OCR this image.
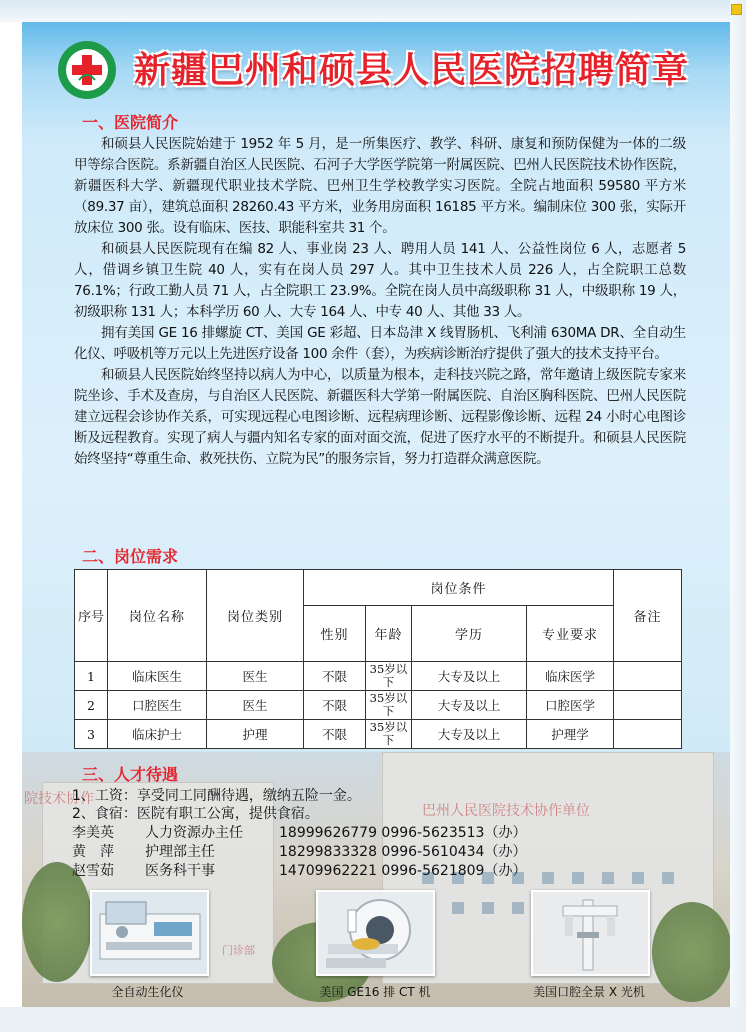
院技术协作
巴州人民医院技术协作单位
门诊部
新疆巴州和硕县人民医院招聘简章
一、医院简介

和硕县人民医院始建于 1952 年 5 月，是一所集医疗、教学、科研、康复和预防保健为一体的二级甲等综合医院。系新疆自治区人民医院、石河子大学医学院第一附属医院、巴州人民医院技术协作医院，新疆医科大学、新疆现代职业技术学院、巴州卫生学校教学实习医院。全院占地面积 59580 平方米（89.37 亩），建筑总面积 28260.43 平方米，业务用房面积 16185 平方米。编制床位 300 张，实际开放床位 300 张。设有临床、医技、职能科室共 31 个。

和硕县人民医院现有在编 82 人、事业岗 23 人、聘用人员 141 人、公益性岗位 6 人，志愿者 5 人，借调乡镇卫生院 40 人，实有在岗人员 297 人。其中卫生技术人员 226 人，占全院职工总数 76.1%；行政工勤人员 71 人，占全院职工 23.9%。全院在岗人员中高级职称 31 人，中级职称 19 人，初级职称 131 人；本科学历 60 人、大专 164 人、中专 40 人、其他 33 人。

拥有美国 GE 16 排螺旋 CT、美国 GE 彩超、日本岛津 X 线胃肠机、飞利浦 630MA DR、全自动生化仪、呼吸机等万元以上先进医疗设备 100 余件（套），为疾病诊断治疗提供了强大的技术支持平台。

和硕县人民医院始终坚持以病人为中心，以质量为根本，走科技兴院之路，常年邀请上级医院专家来院坐诊、手术及查房，与自治区人民医院、新疆医科大学第一附属医院、自治区胸科医院、巴州人民医院建立远程会诊协作关系，可实现远程心电图诊断、远程病理诊断、远程影像诊断、远程 24 小时心电图诊断及远程教育。实现了病人与疆内知名专家的面对面交流，促进了医疗水平的不断提升。和硕县人民医院始终坚持“尊重生命、救死扶伤、立院为民”的服务宗旨，努力打造群众满意医院。

二、岗位需求
序号	岗位名称	岗位类别	岗位条件				备注
			性别	年龄	学历	专业要求	
1	临床医生	医生	不限	35岁以下	大专及以上	临床医学	
2	口腔医生	医生	不限	35岁以下	大专及以上	口腔医学	
3	临床护士	护理	不限	35岁以下	大专及以上	护理学	
三、人才待遇
1、工资：享受同工同酬待遇，缴纳五险一金。
2、食宿：医院有职工公寓，提供食宿。
李美英	人力资源办主任	18999626779 0996-5623513（办）
黄　萍	护理部主任	18299833328 0996-5610434（办）
赵雪茹	医务科干事	14709962221 0996-5621809（办）
全自动生化仪	美国 GE16 排 CT 机	美国口腔全景 X 光机
